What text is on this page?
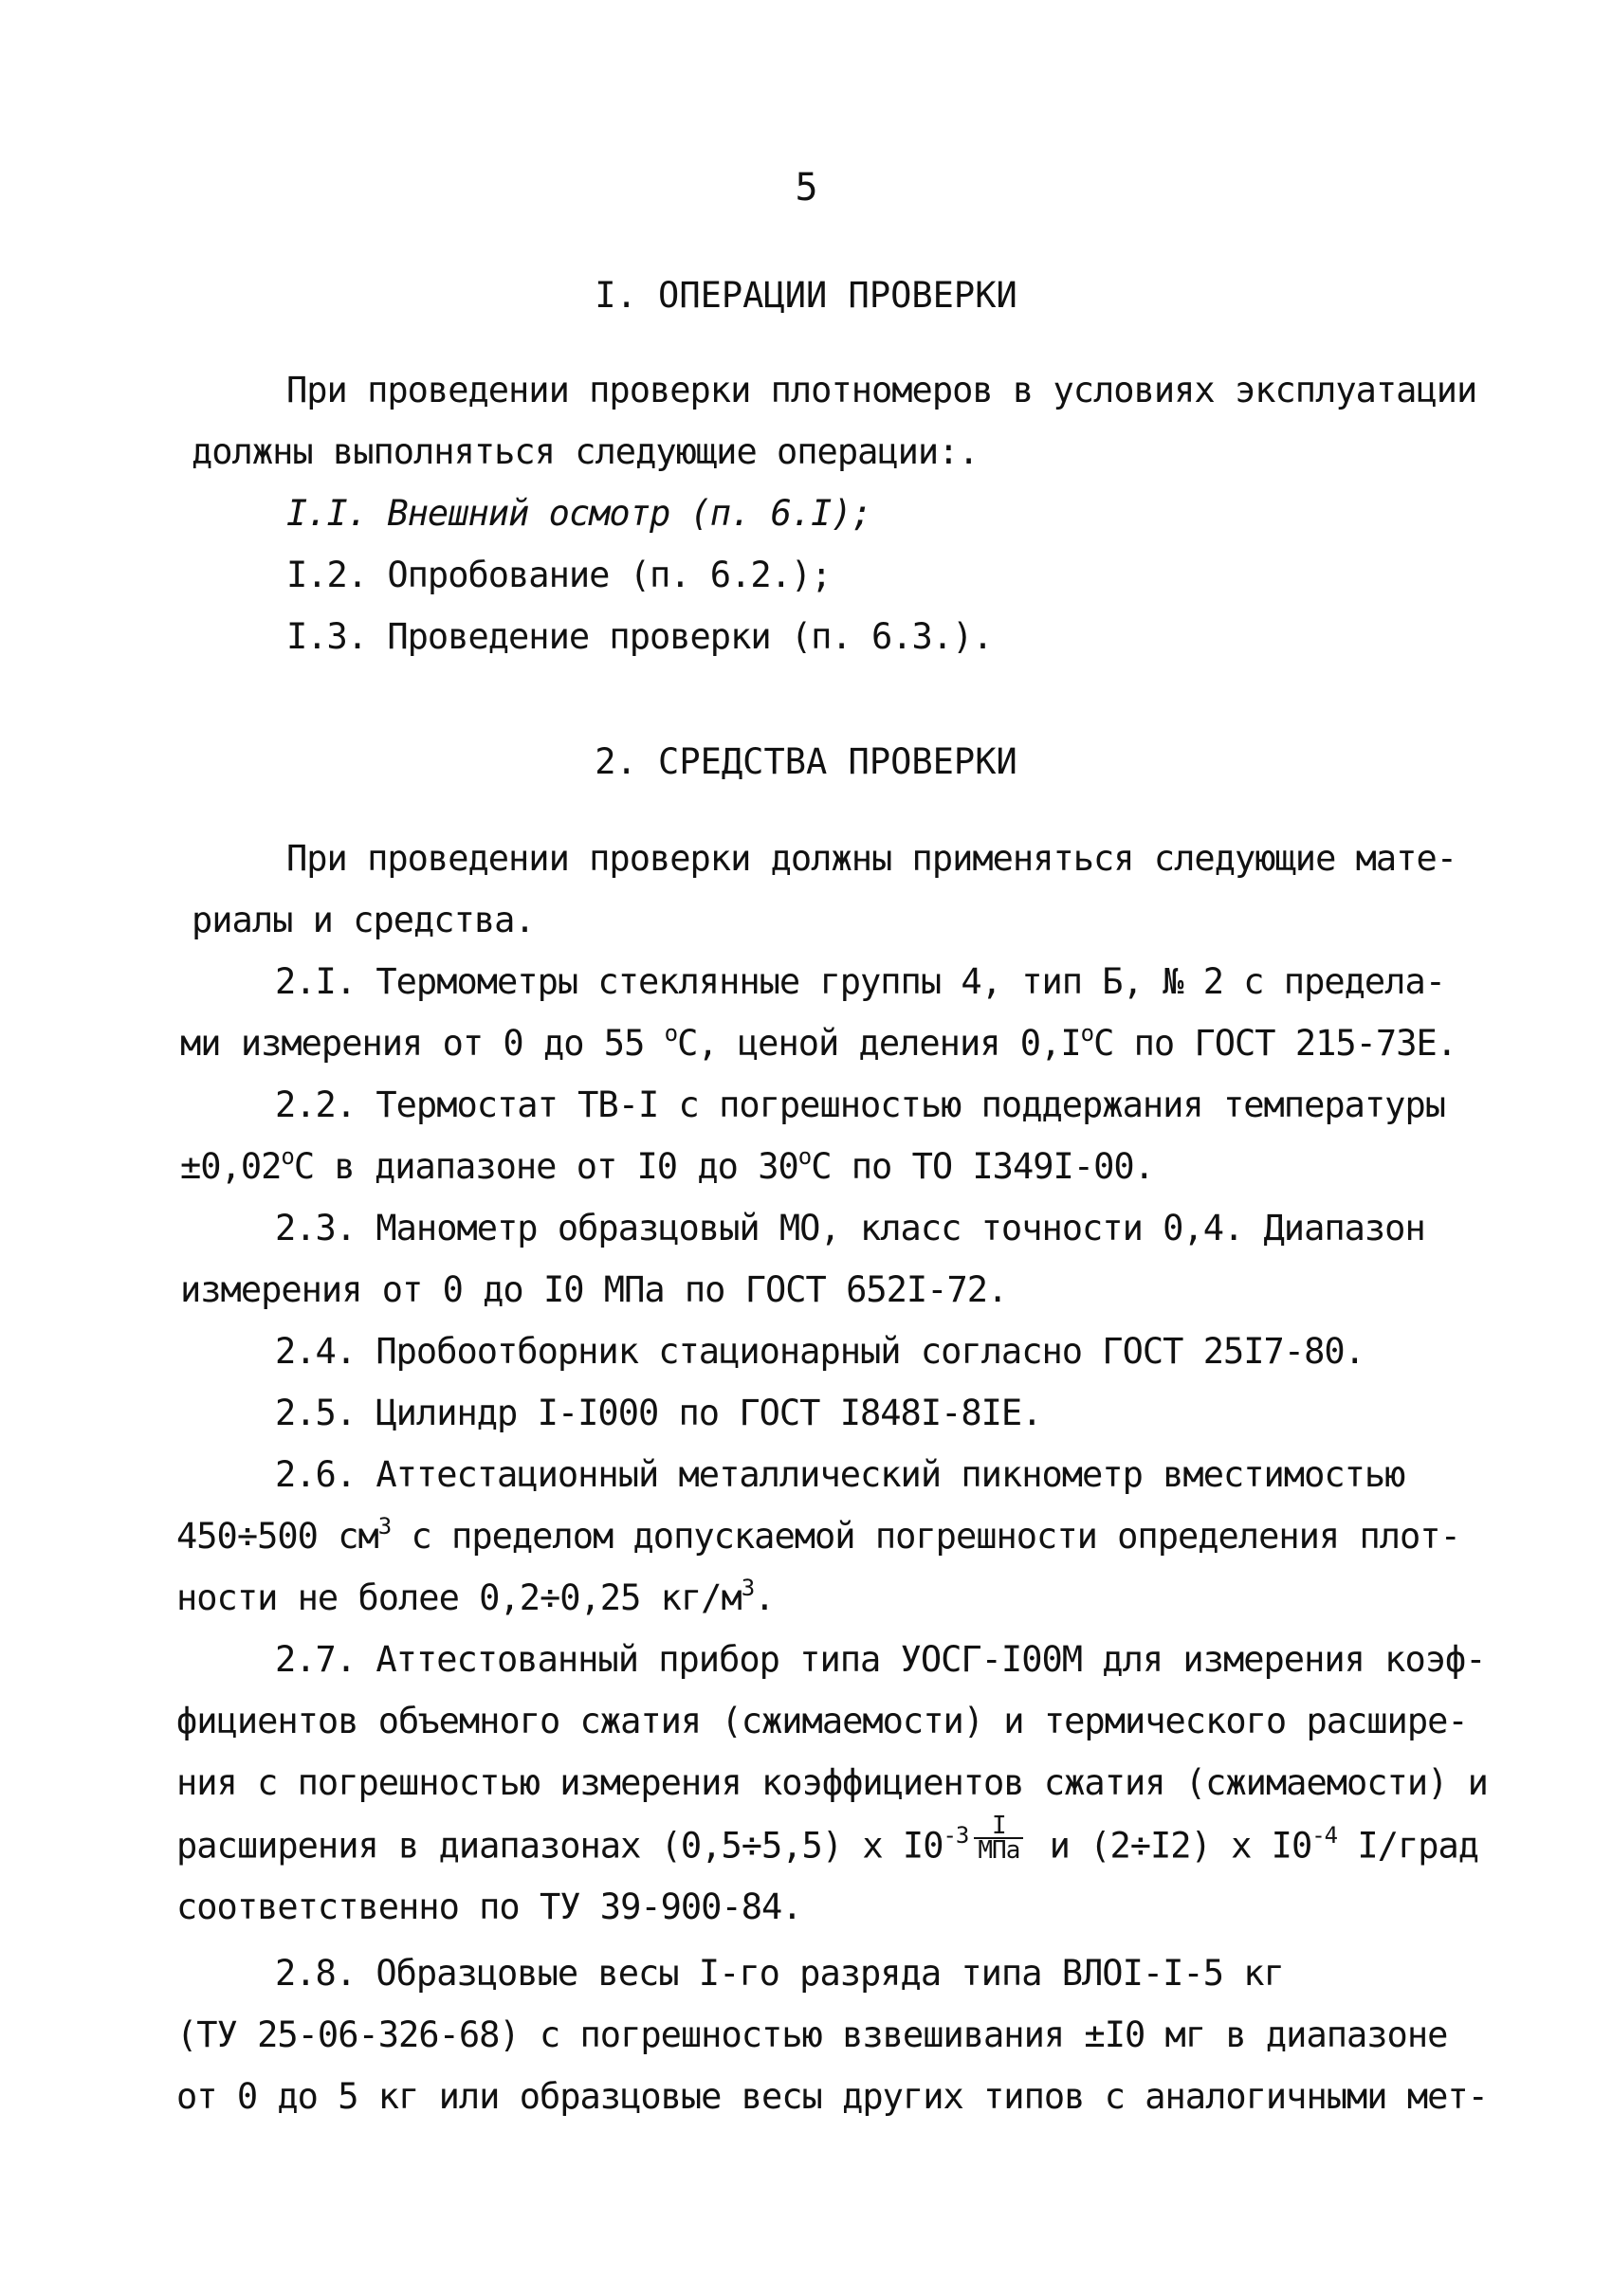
5
I. ОПЕРАЦИИ ПРОВЕРКИ
При проведении проверки плотномеров в условиях эксплуатации
должны выполняться следующие операции:.
I.I. Внешний осмотр (п. 6.I);
I.2. Опробование (п. 6.2.);
I.3. Проведение проверки (п. 6.3.).
2. СРЕДСТВА ПРОВЕРКИ
При проведении проверки должны применяться следующие мате-
риалы и средства.
2.I. Термометры стеклянные группы 4, тип Б, № 2 с предела-
ми измерения от 0 до 55 $^о$С, ценой деления $0,I^оС$ по ГОСТ 215-73Е.
2.2. Термостат ТВ-I с погрешностью поддержания температуры
$\pm 0,02^оС$ в диапазоне от I0 до $30^оС$ по ТО I349I-00.
2.3. Манометр образцовый МО, класс точности 0,4. Диапазон
измерения от 0 до I0 МПа по ГОСТ 652I-72.
2.4. Пробоотборник стационарный согласно ГОСТ 25I7-80.
2.5. Цилиндр I-I000 по ГОСТ I848I-8IЕ.
2.6. Аттестационный металлический пикнометр вместимостью
450÷500 $см^3$ с пределом допускаемой погрешности определения плот-
ности не более 0,2÷0,25 $кг/м^3$.
2.7. Аттестованный прибор типа УОСГ-I00М для измерения коэф-
фициентов объемного сжатия (сжимаемости) и термического расшире-
ния с погрешностью измерения коэффициентов сжатия (сжимаемости) и
расширения в диапазонах (0,5÷5,5) х $I0^{-3} \frac{I}{\text{МПа}}$ и (2÷I2) х $I0^{-4}$ I/град
соответственно по ТУ 39-900-84.
2.8. Образцовые весы I-го разряда типа ВЛОI-I-5 кг
(ТУ 25-06-326-68) с погрешностью взвешивания ±I0 мг в диапазоне
от 0 до 5 кг или образцовые весы других типов с аналогичными мет-
